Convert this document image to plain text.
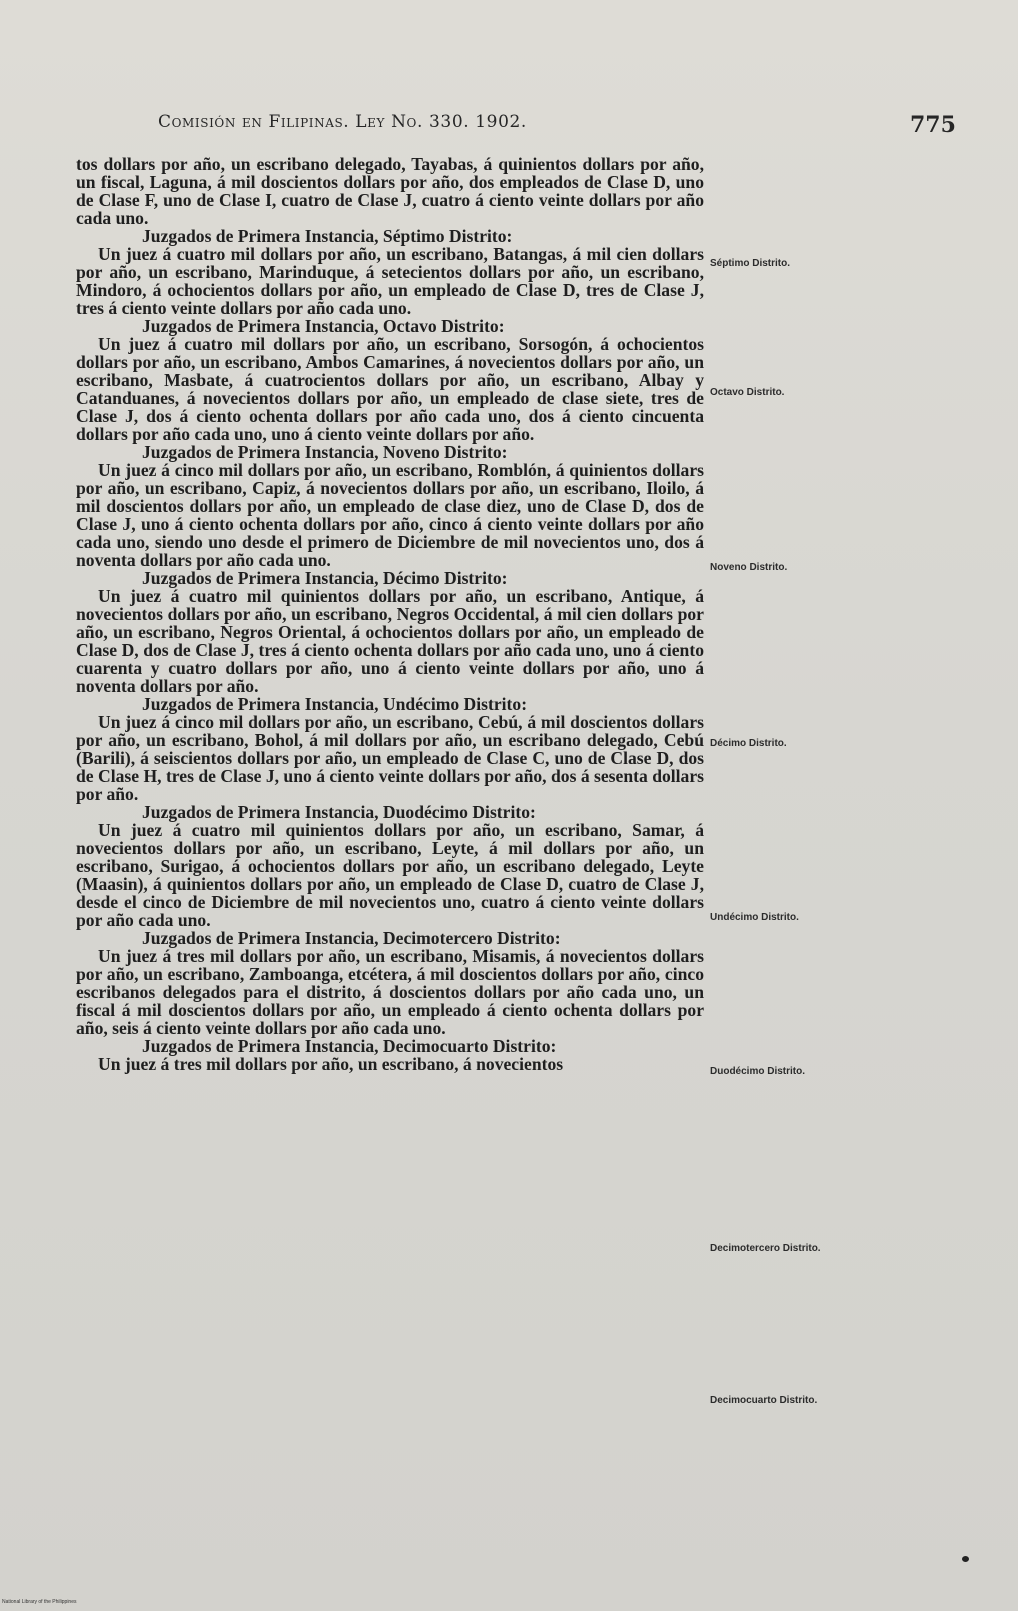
Comisión en Filipinas. Ley No. 330. 1902.	775

tos dollars por año, un escribano delegado, Tayabas, á quinientos dollars por año, un fiscal, Laguna, á mil doscientos dollars por año, dos empleados de Clase D, uno de Clase F, uno de Clase I, cuatro de Clase J, cuatro á ciento veinte dollars por año cada uno.

Juzgados de Primera Instancia, Séptimo Distrito:

Un juez á cuatro mil dollars por año, un escribano, Batangas, á mil cien dollars por año, un escribano, Marinduque, á setecientos dollars por año, un escribano, Mindoro, á ochocientos dollars por año, un empleado de Clase D, tres de Clase J, tres á ciento veinte dollars por año cada uno.

Juzgados de Primera Instancia, Octavo Distrito:

Un juez á cuatro mil dollars por año, un escribano, Sorsogón, á ochocientos dollars por año, un escribano, Ambos Camarines, á novecientos dollars por año, un escribano, Masbate, á cuatrocientos dollars por año, un escribano, Albay y Catanduanes, á novecientos dollars por año, un empleado de clase siete, tres de Clase J, dos á ciento ochenta dollars por año cada uno, dos á ciento cincuenta dollars por año cada uno, uno á ciento veinte dollars por año.

Juzgados de Primera Instancia, Noveno Distrito:

Un juez á cinco mil dollars por año, un escribano, Romblón, á quinientos dollars por año, un escribano, Capiz, á novecientos dollars por año, un escribano, Iloilo, á mil doscientos dollars por año, un empleado de clase diez, uno de Clase D, dos de Clase J, uno á ciento ochenta dollars por año, cinco á ciento veinte dollars por año cada uno, siendo uno desde el primero de Diciembre de mil novecientos uno, dos á noventa dollars por año cada uno.

Juzgados de Primera Instancia, Décimo Distrito:

Un juez á cuatro mil quinientos dollars por año, un escribano, Antique, á novecientos dollars por año, un escribano, Negros Occidental, á mil cien dollars por año, un escribano, Negros Oriental, á ochocientos dollars por año, un empleado de Clase D, dos de Clase J, tres á ciento ochenta dollars por año cada uno, uno á ciento cuarenta y cuatro dollars por año, uno á ciento veinte dollars por año, uno á noventa dollars por año.

Juzgados de Primera Instancia, Undécimo Distrito:

Un juez á cinco mil dollars por año, un escribano, Cebú, á mil doscientos dollars por año, un escribano, Bohol, á mil dollars por año, un escribano delegado, Cebú (Barili), á seiscientos dollars por año, un empleado de Clase C, uno de Clase D, dos de Clase H, tres de Clase J, uno á ciento veinte dollars por año, dos á sesenta dollars por año.

Juzgados de Primera Instancia, Duodécimo Distrito:

Un juez á cuatro mil quinientos dollars por año, un escribano, Samar, á novecientos dollars por año, un escribano, Leyte, á mil dollars por año, un escribano, Surigao, á ochocientos dollars por año, un escribano delegado, Leyte (Maasin), á quinientos dollars por año, un empleado de Clase D, cuatro de Clase J, desde el cinco de Diciembre de mil novecientos uno, cuatro á ciento veinte dollars por año cada uno.

Juzgados de Primera Instancia, Decimotercero Distrito:

Un juez á tres mil dollars por año, un escribano, Misamis, á novecientos dollars por año, un escribano, Zamboanga, etcétera, á mil doscientos dollars por año, cinco escribanos delegados para el distrito, á doscientos dollars por año cada uno, un fiscal á mil doscientos dollars por año, un empleado á ciento ochenta dollars por año, seis á ciento veinte dollars por año cada uno.

Juzgados de Primera Instancia, Decimocuarto Distrito:

Un juez á tres mil dollars por año, un escribano, á novecientos

Séptimo Distrito.
Octavo Distrito.
Noveno Distrito.
Décimo Distrito.
Undécimo Distrito.
Duodécimo Distrito.
Decimotercero Distrito.
Decimocuarto Distrito.
National Library of the Philippines
